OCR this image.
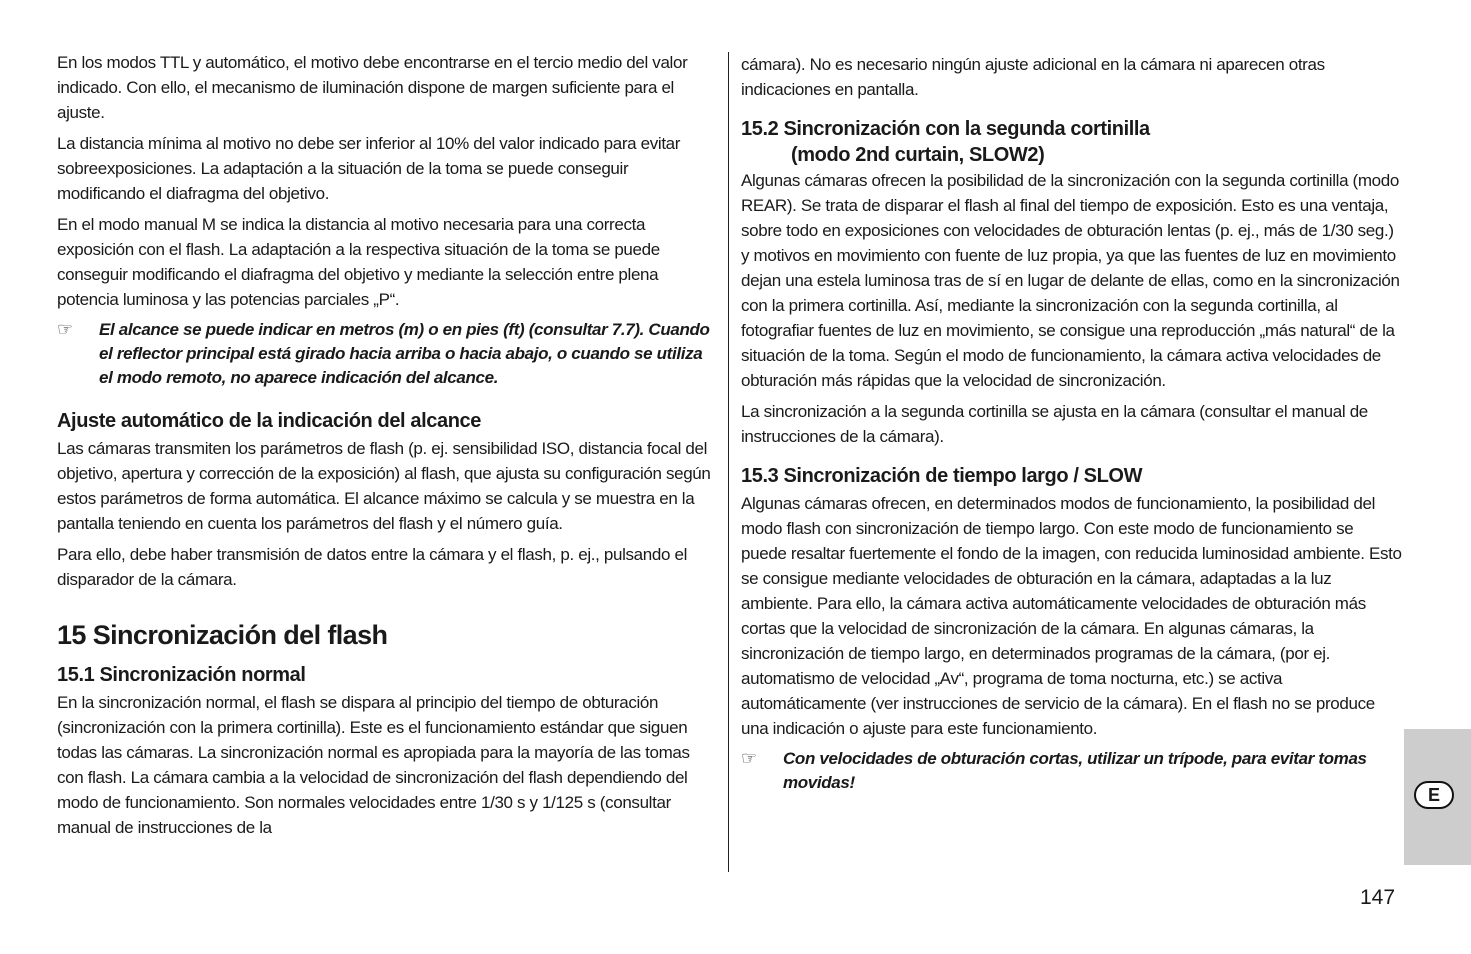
En los modos TTL y automático, el motivo debe encontrarse en el tercio medio del valor indicado. Con ello, el mecanismo de iluminación dispone de margen suficiente para el ajuste.

La distancia mínima al motivo no debe ser inferior al 10% del valor indicado para evitar sobreexposiciones. La adaptación a la situación de la toma se puede conseguir modificando el diafragma del objetivo.

En el modo manual M se indica la distancia al motivo necesaria para una correcta exposición con el flash. La adaptación a la respectiva situación de la toma se puede conseguir modificando el diafragma del objetivo y mediante la selección entre plena potencia luminosa y las potencias parciales „P“.

☞	El alcance se puede indicar en metros (m) o en pies (ft) (consultar 7.7). Cuando el reflector principal está girado hacia arriba o hacia abajo, o cuando se utiliza el modo remoto, no aparece indicación del alcance.
Ajuste automático de la indicación del alcance

Las cámaras transmiten los parámetros de flash (p. ej. sensibilidad ISO, distancia focal del objetivo, apertura y corrección de la exposición) al flash, que ajusta su configuración según estos parámetros de forma automática. El alcance máximo se calcula y se muestra en la pantalla teniendo en cuenta los parámetros del flash y el número guía.

Para ello, debe haber transmisión de datos entre la cámara y el flash, p. ej., pulsando el disparador de la cámara.

15 Sincronización del flash
15.1 Sincronización normal

En la sincronización normal, el flash se dispara al principio del tiempo de obturación (sincronización con la primera cortinilla). Este es el funcionamiento estándar que siguen todas las cámaras. La sincronización normal es apropiada para la mayoría de las tomas con flash. La cámara cambia a la velocidad de sincronización del flash dependiendo del modo de funcionamiento. Son normales velocidades entre 1/30 s y 1/125 s (consultar manual de instrucciones de la

cámara). No es necesario ningún ajuste adicional en la cámara ni aparecen otras indicaciones en pantalla.

15.2 Sincronización con la segunda cortinilla
(modo 2nd curtain, SLOW2)

Algunas cámaras ofrecen la posibilidad de la sincronización con la segunda cortinilla (modo REAR). Se trata de disparar el flash al final del tiempo de exposición. Esto es una ventaja, sobre todo en exposiciones con velocidades de obturación lentas (p. ej., más de 1/30 seg.) y motivos en movimiento con fuente de luz propia, ya que las fuentes de luz en movimiento dejan una estela luminosa tras de sí en lugar de delante de ellas, como en la sincronización con la primera cortinilla. Así, mediante la sincronización con la segunda cortinilla, al fotografiar fuentes de luz en movimiento, se consigue una reproducción „más natural“ de la situación de la toma. Según el modo de funcionamiento, la cámara activa velocidades de obturación más rápidas que la velocidad de sincronización.

La sincronización a la segunda cortinilla se ajusta en la cámara (consultar el manual de instrucciones de la cámara).

15.3 Sincronización de tiempo largo / SLOW

Algunas cámaras ofrecen, en determinados modos de funcionamiento, la posibilidad del modo flash con sincronización de tiempo largo. Con este modo de funcionamiento se puede resaltar fuertemente el fondo de la imagen, con reducida luminosidad ambiente. Esto se consigue mediante velocidades de obturación en la cámara, adaptadas a la luz ambiente. Para ello, la cámara activa automáticamente velocidades de obturación más cortas que la velocidad de sincronización de la cámara. En algunas cámaras, la sincronización de tiempo largo, en determinados programas de la cámara, (por ej. automatismo de velocidad „Av“, programa de toma nocturna, etc.) se activa automáticamente (ver instrucciones de servicio de la cámara). En el flash no se produce una indicación o ajuste para este funcionamiento.

☞	Con velocidades de obturación cortas, utilizar un trípode, para evitar tomas movidas!
E
147
